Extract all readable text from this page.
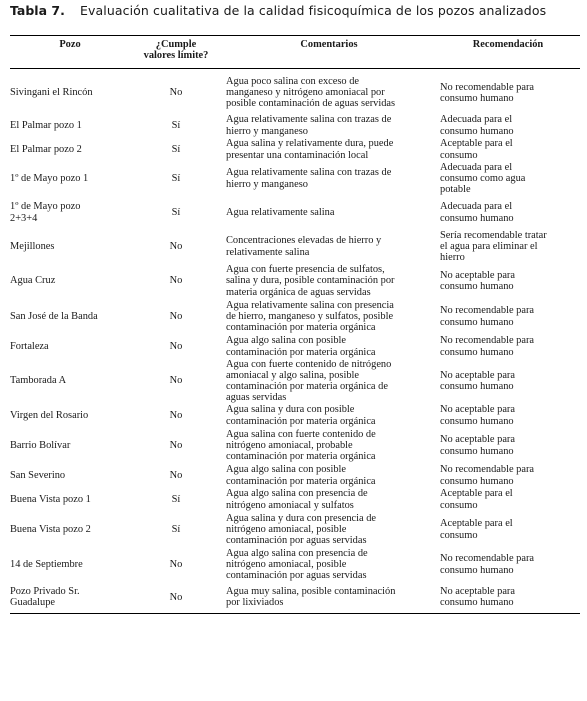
Tabla 7. Evaluación cualitativa de la calidad fisicoquímica de los pozos analizados
Pozo	¿Cumple
valores límite?	Comentarios	Recomendación
Sivingani el Rincón	No	Agua poco salina con exceso de
manganeso y nitrógeno amoniacal por
posible contaminación de aguas servidas	No recomendable para
consumo humano
El Palmar pozo 1	Sí	Agua relativamente salina con trazas de
hierro y manganeso	Adecuada para el
consumo humano
El Palmar pozo 2	Sí	Agua salina y relativamente dura, puede
presentar una contaminación local	Aceptable para el
consumo
1º de Mayo pozo 1	Sí	Agua relativamente salina con trazas de
hierro y manganeso	Adecuada para el
consumo como agua
potable
1º de Mayo pozo
2+3+4	Sí	Agua relativamente salina	Adecuada para el
consumo humano
Mejillones	No	Concentraciones elevadas de hierro y
relativamente salina	Sería recomendable tratar
el agua para eliminar el
hierro
Agua Cruz	No	Agua con fuerte presencia de sulfatos,
salina y dura, posible contaminación por
materia orgánica de aguas servidas	No aceptable para
consumo humano
San José de la Banda	No	Agua relativamente salina con presencia
de hierro, manganeso y sulfatos, posible
contaminación por materia orgánica	No recomendable para
consumo humano
Fortaleza	No	Agua algo salina con posible
contaminación por materia orgánica	No recomendable para
consumo humano
Tamborada A	No	Agua con fuerte contenido de nitrógeno
amoniacal y algo salina, posible
contaminación por materia orgánica de
aguas servidas	No aceptable para
consumo humano
Virgen del Rosario	No	Agua salina y dura con posible
contaminación por materia orgánica	No aceptable para
consumo humano
Barrio Bolívar	No	Agua salina con fuerte contenido de
nitrógeno amoniacal, probable
contaminación por materia orgánica	No aceptable para
consumo humano
San Severino	No	Agua algo salina con posible
contaminación por materia orgánica	No recomendable para
consumo humano
Buena Vista pozo 1	Sí	Agua algo salina con presencia de
nitrógeno amoniacal y sulfatos	Aceptable para el
consumo
Buena Vista pozo 2	Sí	Agua salina y dura con presencia de
nitrógeno amoniacal, posible
contaminación por aguas servidas	Aceptable para el
consumo
14 de Septiembre	No	Agua algo salina con presencia de
nitrógeno amoniacal, posible
contaminación por aguas servidas	No recomendable para
consumo humano
Pozo Privado Sr.
Guadalupe	No	Agua muy salina, posible contaminación
por lixiviados	No aceptable para
consumo humano
